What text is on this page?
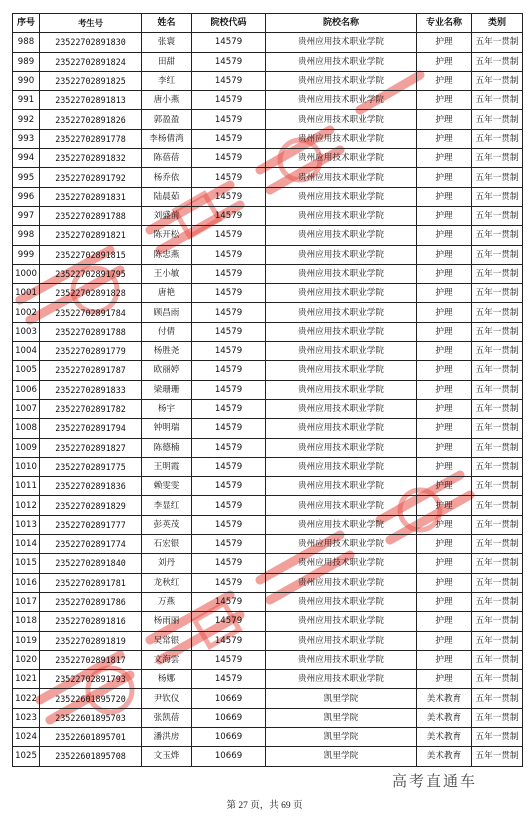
序号	考生号	姓名	院校代码	院校名称	专业名称	类别
988	23522702891830	张寰	14579	贵州应用技术职业学院	护理	五年一贯制
989	23522702891824	田甜	14579	贵州应用技术职业学院	护理	五年一贯制
990	23522702891825	李红	14579	贵州应用技术职业学院	护理	五年一贯制
991	23522702891813	唐小燕	14579	贵州应用技术职业学院	护理	五年一贯制
992	23522702891826	郭盈盈	14579	贵州应用技术职业学院	护理	五年一贯制
993	23522702891778	李杨倩湾	14579	贵州应用技术职业学院	护理	五年一贯制
994	23522702891832	陈蓓蓓	14579	贵州应用技术职业学院	护理	五年一贯制
995	23522702891792	杨乔依	14579	贵州应用技术职业学院	护理	五年一贯制
996	23522702891831	陆晨茹	14579	贵州应用技术职业学院	护理	五年一贯制
997	23522702891788	刘盛前	14579	贵州应用技术职业学院	护理	五年一贯制
998	23522702891821	陈开松	14579	贵州应用技术职业学院	护理	五年一贯制
999	23522702891815	陈忠燕	14579	贵州应用技术职业学院	护理	五年一贯制
1000	23522702891795	王小敏	14579	贵州应用技术职业学院	护理	五年一贯制
1001	23522702891828	唐艳	14579	贵州应用技术职业学院	护理	五年一贯制
1002	23522702891784	顾昌雨	14579	贵州应用技术职业学院	护理	五年一贯制
1003	23522702891788	付倩	14579	贵州应用技术职业学院	护理	五年一贯制
1004	23522702891779	杨胜尧	14579	贵州应用技术职业学院	护理	五年一贯制
1005	23522702891787	欧丽婷	14579	贵州应用技术职业学院	护理	五年一贯制
1006	23522702891833	梁珊珊	14579	贵州应用技术职业学院	护理	五年一贯制
1007	23522702891782	杨宇	14579	贵州应用技术职业学院	护理	五年一贯制
1008	23522702891794	钟明瑞	14579	贵州应用技术职业学院	护理	五年一贯制
1009	23522702891827	陈德楠	14579	贵州应用技术职业学院	护理	五年一贯制
1010	23522702891775	王明霞	14579	贵州应用技术职业学院	护理	五年一贯制
1011	23522702891836	赖雯雯	14579	贵州应用技术职业学院	护理	五年一贯制
1012	23522702891829	李显红	14579	贵州应用技术职业学院	护理	五年一贯制
1013	23522702891777	彭英茂	14579	贵州应用技术职业学院	护理	五年一贯制
1014	23522702891774	石宏银	14579	贵州应用技术职业学院	护理	五年一贯制
1015	23522702891840	刘丹	14579	贵州应用技术职业学院	护理	五年一贯制
1016	23522702891781	龙秋红	14579	贵州应用技术职业学院	护理	五年一贯制
1017	23522702891786	万燕	14579	贵州应用技术职业学院	护理	五年一贯制
1018	23522702891816	杨雨丽	14579	贵州应用技术职业学院	护理	五年一贯制
1019	23522702891819	吴常银	14579	贵州应用技术职业学院	护理	五年一贯制
1020	23522702891817	文海雲	14579	贵州应用技术职业学院	护理	五年一贯制
1021	23522702891793	杨娜	14579	贵州应用技术职业学院	护理	五年一贯制
1022	23522601895720	尹钦仪	10669	凯里学院	美术教育	五年一贯制
1023	23522601895703	张凯蓓	10669	凯里学院	美术教育	五年一贯制
1024	23522601895701	潘洪房	10669	凯里学院	美术教育	五年一贯制
1025	23522601895708	文玉烨	10669	凯里学院	美术教育	五年一贯制
高考直通车
第 27 页，共 69 页
